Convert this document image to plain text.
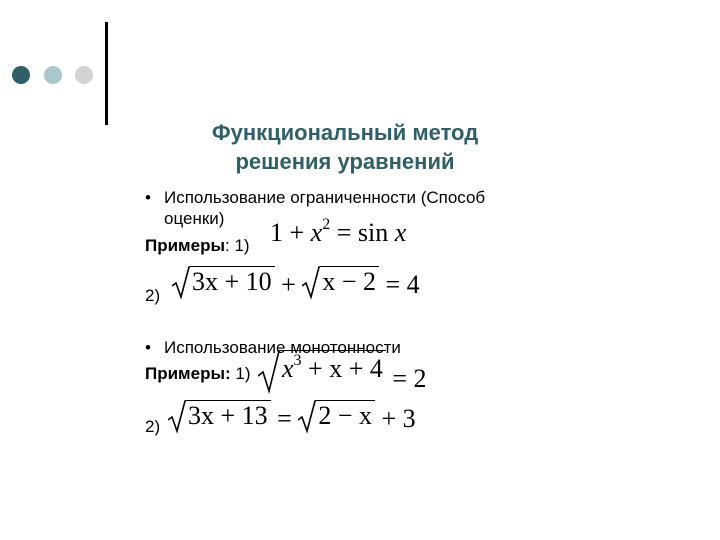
Функциональный метод
решения уравнений
• Использование ограниченности (Способ оценки)
Примеры: 1) $1 + x^2 = \sin x$
2) 3x + 10 + x − 2 = 4
• Использование монотонности
Примеры: 1) $x^3 + x + 4 = 2$
2) 3x + 13 = 2 − x + 3
